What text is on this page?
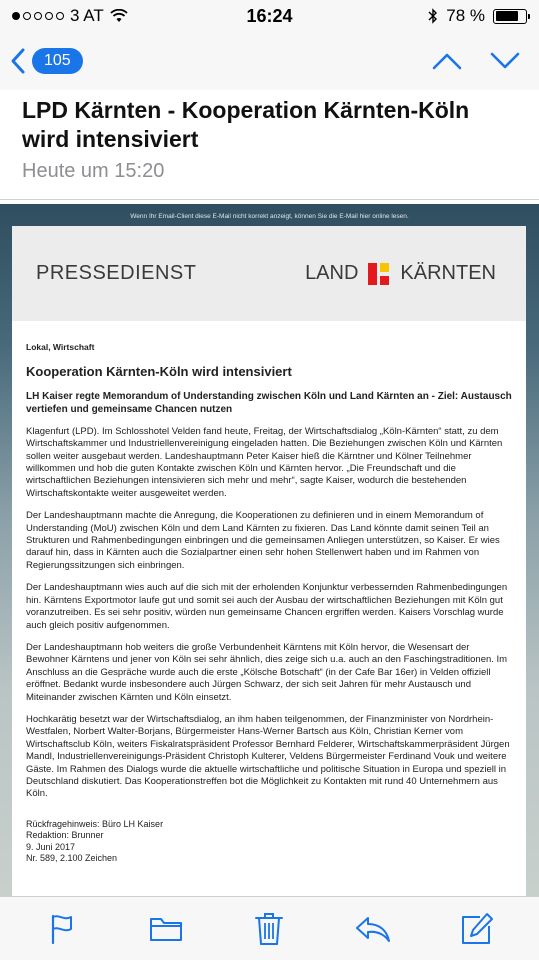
3 AT	16:24	78 %
105
LPD Kärnten - Kooperation Kärnten-Köln wird intensiviert
Heute um 15:20
Wenn Ihr Email-Client diese E-Mail nicht korrekt anzeigt, können Sie die E-Mail hier online lesen.
PRESSEDIENST	LAND KÄRNTEN
Lokal, Wirtschaft
Kooperation Kärnten-Köln wird intensiviert
LH Kaiser regte Memorandum of Understanding zwischen Köln und Land Kärnten an - Ziel: Austausch vertiefen und gemeinsame Chancen nutzen
Klagenfurt (LPD). Im Schlosshotel Velden fand heute, Freitag, der Wirtschaftsdialog „Köln-Kärnten“ statt, zu dem Wirtschaftskammer und Industriellenvereinigung eingeladen hatten. Die Beziehungen zwischen Köln und Kärnten sollen weiter ausgebaut werden. Landeshauptmann Peter Kaiser hieß die Kärntner und Kölner Teilnehmer willkommen und hob die guten Kontakte zwischen Köln und Kärnten hervor. „Die Freundschaft und die wirtschaftlichen Beziehungen intensivieren sich mehr und mehr“, sagte Kaiser, wodurch die bestehenden Wirtschaftskontakte weiter ausgeweitet werden.
Der Landeshauptmann machte die Anregung, die Kooperationen zu definieren und in einem Memorandum of Understanding (MoU) zwischen Köln und dem Land Kärnten zu fixieren. Das Land könnte damit seinen Teil an Strukturen und Rahmenbedingungen einbringen und die gemeinsamen Anliegen unterstützen, so Kaiser. Er wies darauf hin, dass in Kärnten auch die Sozialpartner einen sehr hohen Stellenwert haben und im Rahmen von Regierungssitzungen sich einbringen.
Der Landeshauptmann wies auch auf die sich mit der erholenden Konjunktur verbessernden Rahmenbedingungen hin. Kärntens Exportmotor laufe gut und somit sei auch der Ausbau der wirtschaftlichen Beziehungen mit Köln gut voranzutreiben. Es sei sehr positiv, würden nun gemeinsame Chancen ergriffen werden. Kaisers Vorschlag wurde auch gleich positiv aufgenommen.
Der Landeshauptmann hob weiters die große Verbundenheit Kärntens mit Köln hervor, die Wesensart der Bewohner Kärntens und jener von Köln sei sehr ähnlich, dies zeige sich u.a. auch an den Faschingstraditionen. Im Anschluss an die Gespräche wurde auch die erste „Kölsche Botschaft“ (in der Cafe Bar 16er) in Velden offiziell eröffnet. Bedankt wurde insbesondere auch Jürgen Schwarz, der sich seit Jahren für mehr Austausch und Miteinander zwischen Kärnten und Köln einsetzt.
Hochkarätig besetzt war der Wirtschaftsdialog, an ihm haben teilgenommen, der Finanzminister von Nordrhein-Westfalen, Norbert Walter-Borjans, Bürgermeister Hans-Werner Bartsch aus Köln, Christian Kerner vom Wirtschaftsclub Köln, weiters Fiskalratspräsident Professor Bernhard Felderer, Wirtschaftskammerpräsident Jürgen Mandl, Industriellenvereinigungs-Präsident Christoph Kulterer, Veldens Bürgermeister Ferdinand Vouk und weitere Gäste. Im Rahmen des Dialogs wurde die aktuelle wirtschaftliche und politische Situation in Europa und speziell in Deutschland diskutiert. Das Kooperationstreffen bot die Möglichkeit zu Kontakten mit rund 40 Unternehmern aus Köln.
Rückfragehinweis: Büro LH Kaiser
Redaktion: Brunner
9. Juni 2017
Nr. 589, 2.100 Zeichen
